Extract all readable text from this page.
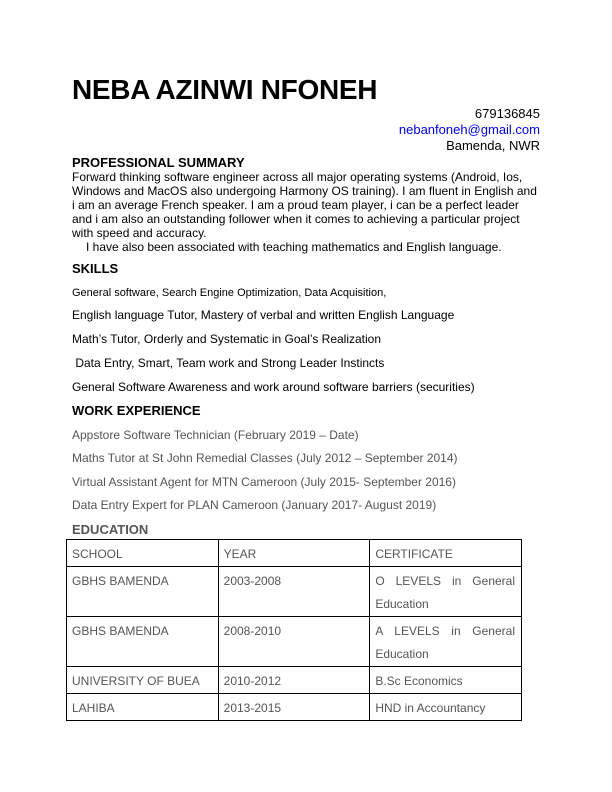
NEBA AZINWI NFONEH
679136845
nebanfoneh@gmail.com
Bamenda, NWR
PROFESSIONAL SUMMARY
Forward thinking software engineer across all major operating systems (Android, Ios, Windows and MacOS also undergoing Harmony OS training). I am fluent in English and i am an average French speaker. I am a proud team player, i can be a perfect leader and i am also an outstanding follower when it comes to achieving a particular project with speed and accuracy.
I have also been associated with teaching mathematics and English language.
SKILLS
General software, Search Engine Optimization, Data Acquisition,
English language Tutor, Mastery of verbal and written English Language
Math’s Tutor, Orderly and Systematic in Goal’s Realization
Data Entry, Smart, Team work and Strong Leader Instincts
General Software Awareness and work around software barriers (securities)
WORK EXPERIENCE
Appstore Software Technician (February 2019 – Date)
Maths Tutor at St John Remedial Classes (July 2012 – September 2014)
Virtual Assistant Agent for MTN Cameroon (July 2015- September 2016)
Data Entry Expert for PLAN Cameroon (January 2017- August 2019)
EDUCATION
SCHOOL	YEAR	CERTIFICATE
GBHS BAMENDA	2003-2008	O LEVELS in General Education
GBHS BAMENDA	2008-2010	A LEVELS in General Education
UNIVERSITY OF BUEA	2010-2012	B.Sc Economics
LAHIBA	2013-2015	HND in Accountancy
